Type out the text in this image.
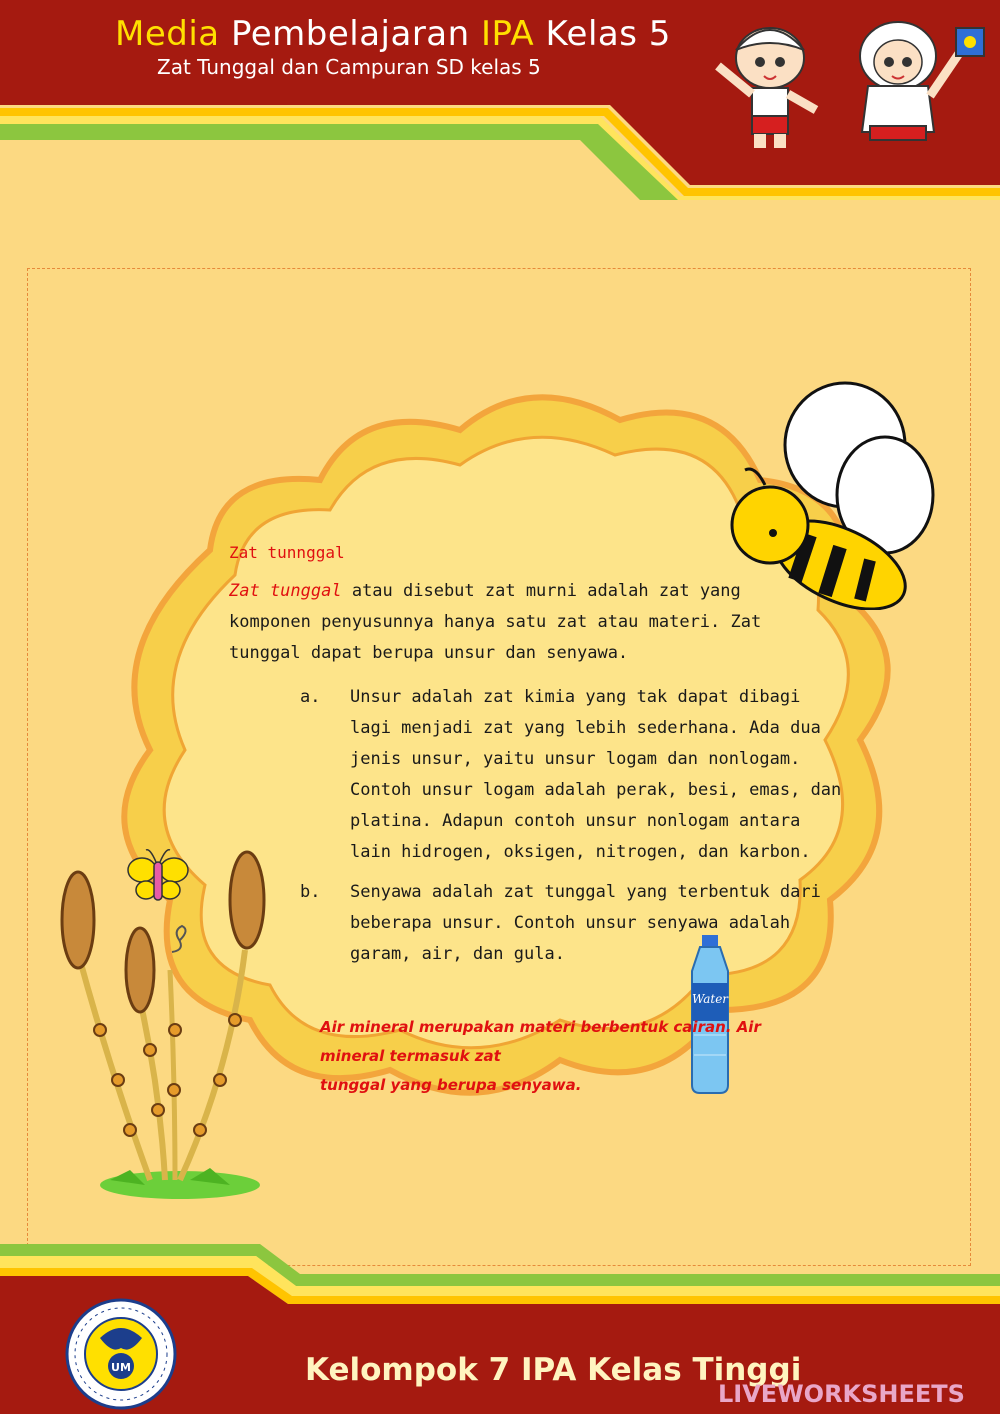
Media Pembelajaran IPA Kelas 5
Zat Tunggal dan Campuran SD kelas 5
Zat tunnggal
Zat tunggal atau disebut zat murni adalah zat yang komponen penyusunnya hanya satu zat atau materi. Zat tunggal dapat berupa unsur dan senyawa.
a. Unsur adalah zat kimia yang tak dapat dibagi lagi menjadi zat yang lebih sederhana. Ada dua jenis unsur, yaitu unsur logam dan nonlogam. Contoh unsur logam adalah perak, besi, emas, dan platina. Adapun contoh unsur nonlogam antara lain hidrogen, oksigen, nitrogen, dan karbon.
b. Senyawa adalah zat tunggal yang terbentuk dari beberapa unsur. Contoh unsur senyawa adalah garam, air, dan gula.
Water
Air mineral merupakan materi berbentuk cairan. Air
mineral termasuk zat
tunggal yang berupa senyawa.
UM	Kelompok 7 IPA Kelas Tinggi
LIVEWORKSHEETS
